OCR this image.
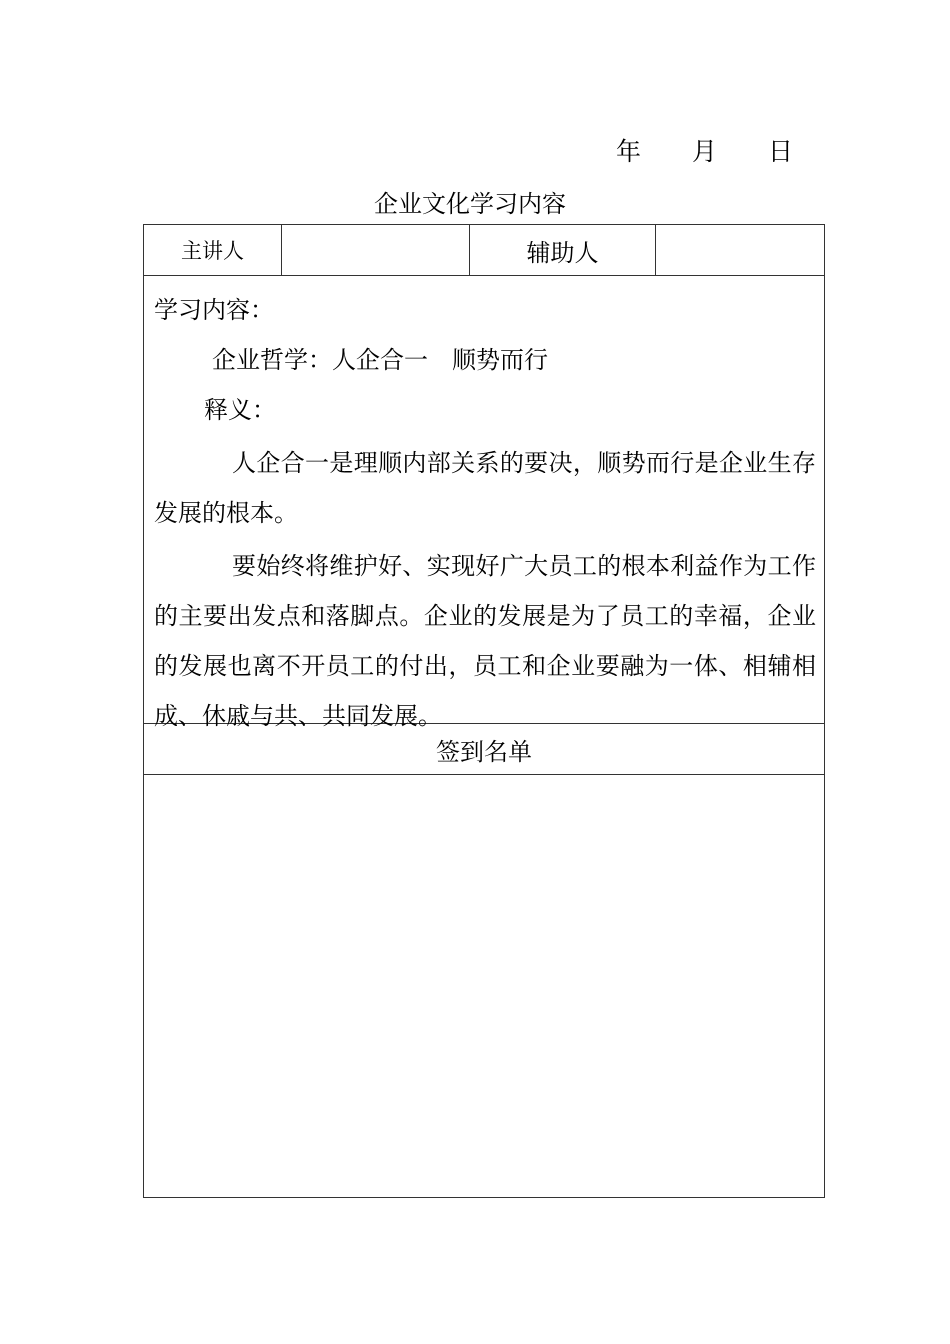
年 月 日
企业文化学习内容
主讲人	辅助人

学习内容：

企业哲学：人企合一　顺势而行

释义：

人企合一是理顺内部关系的要决，顺势而行是企业生存发展的根本。

要始终将维护好、实现好广大员工的根本利益作为工作的主要出发点和落脚点。企业的发展是为了员工的幸福，企业的发展也离不开员工的付出，员工和企业要融为一体、相辅相成、休戚与共、共同发展。

签到名单
